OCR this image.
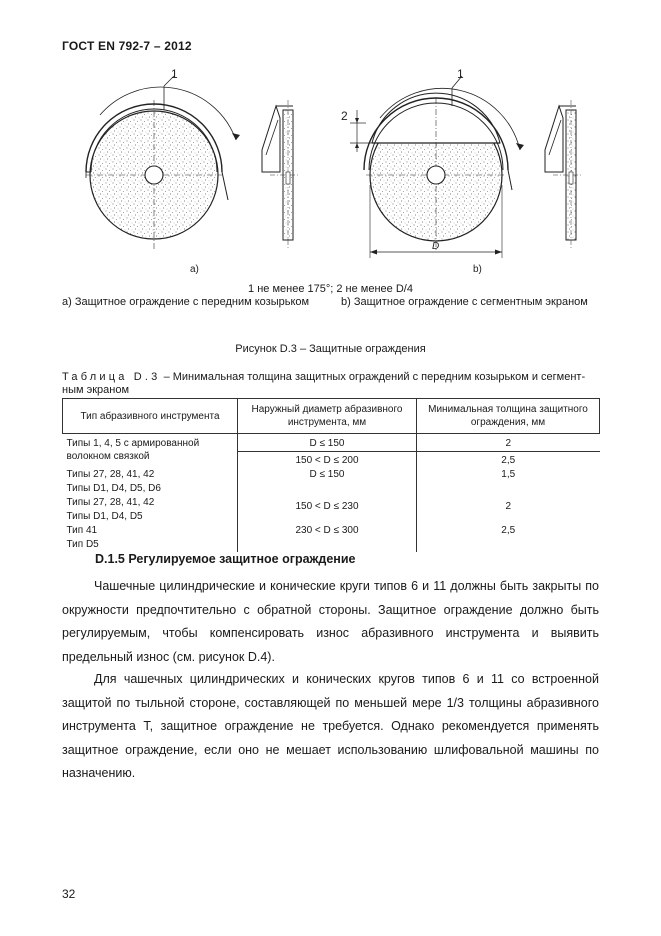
ГОСТ EN 792-7 – 2012
1
а)
1
2
D
b)
1 не менее 175°; 2 не менее D/4
а) Защитное ограждение с передним козырьком	b) Защитное ограждение с сегментным экраном
Рисунок D.3 – Защитные ограждения
Таблица D.3 – Минимальная толщина защитных ограждений с передним козырьком и сегмент-
ным экраном
Тип абразивного инструмента	Наружный диаметр абразивного инструмента, мм	Минимальная толщина защитного ограждения, мм
Типы 1, 4, 5 с армированной волокном связкой	D ≤ 150	2
	150 < D ≤ 200	2,5

Типы 27, 28, 41, 42
Типы D1, D4, D5, D6	D ≤ 150	1,5

Типы 27, 28, 41, 42
Типы D1, D4, D5	150 < D ≤ 230	2

Тип 41
Тип D5	230 < D ≤ 300	2,5
D.1.5 Регулируемое защитное ограждение
Чашечные цилиндрические и конические круги типов 6 и 11 должны быть закрыты по окружности предпочтительно с обратной стороны. Защитное ограждение должно быть регулируемым, чтобы компенсировать износ абразивного инструмента и выявить предельный износ (см. рисунок D.4).
Для чашечных цилиндрических и конических кругов типов 6 и 11 со встроенной защитой по тыльной стороне, составляющей по меньшей мере 1/3 толщины абразивного инструмента T, защитное ограждение не требуется. Однако рекомендуется применять защитное ограждение, если оно не мешает использованию шлифовальной машины по назначению.
32
